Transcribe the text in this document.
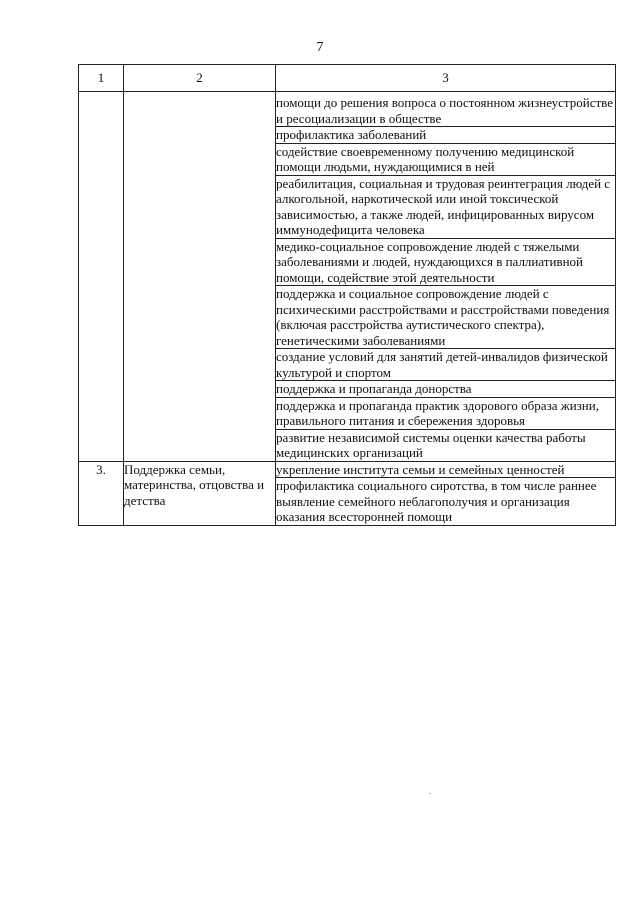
7
1	2	3
		помощи до решения вопроса о постоянном жизнеустройстве и ресоциализации в обществе
		профилактика заболеваний
		содействие своевременному получению медицинской помощи людьми, нуждающимися в ней
		реабилитация, социальная и трудовая реинтеграция людей с алкогольной, наркотической или иной токсической зависимостью, а также людей, инфицированных вирусом иммунодефицита человека
		медико-социальное сопровождение людей с тяжелыми заболеваниями и людей, нуждающихся в паллиативной помощи, содействие этой деятельности
		поддержка и социальное сопровождение людей с психическими расстройствами и расстройствами поведения (включая расстройства аутистического спектра), генетическими заболеваниями
		создание условий для занятий детей-инвалидов физической культурой и спортом
		поддержка и пропаганда донорства
		поддержка и пропаганда практик здорового образа жизни, правильного питания и сбережения здоровья
		развитие независимой системы оценки качества работы медицинских организаций
3.	Поддержка семьи, материнства, отцовства и детства	укрепление института семьи и семейных ценностей
		профилактика социального сиротства, в том числе раннее выявление семейного неблагополучия и организация оказания всесторонней помощи
